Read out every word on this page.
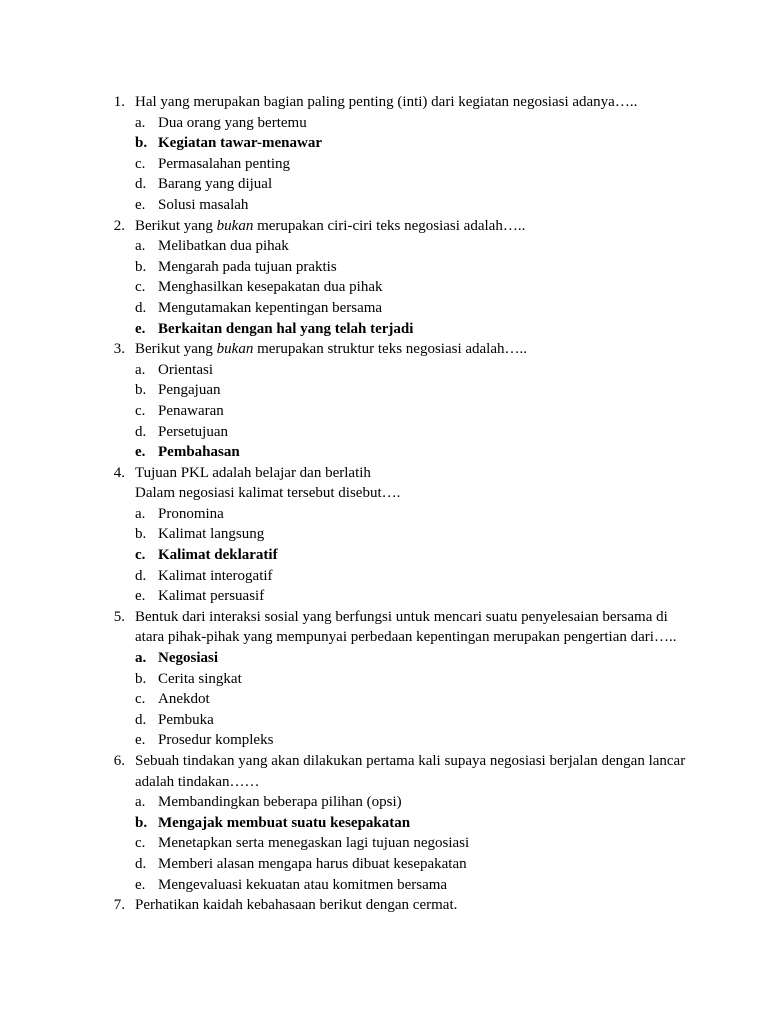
1. Hal yang merupakan bagian paling penting (inti) dari kegiatan negosiasi adanya…..
a. Dua orang yang bertemu
b. Kegiatan tawar-menawar
c. Permasalahan penting
d. Barang yang dijual
e. Solusi masalah
2. Berikut yang bukan merupakan ciri-ciri teks negosiasi adalah…..
a. Melibatkan dua pihak
b. Mengarah pada tujuan praktis
c. Menghasilkan kesepakatan dua pihak
d. Mengutamakan kepentingan bersama
e. Berkaitan dengan hal yang telah terjadi
3. Berikut yang bukan merupakan struktur teks negosiasi adalah…..
a. Orientasi
b. Pengajuan
c. Penawaran
d. Persetujuan
e. Pembahasan
4. Tujuan PKL adalah belajar dan berlatih
Dalam negosiasi kalimat tersebut disebut….
a. Pronomina
b. Kalimat langsung
c. Kalimat deklaratif
d. Kalimat interogatif
e. Kalimat persuasif
5. Bentuk dari interaksi sosial yang berfungsi untuk mencari suatu penyelesaian bersama di atara pihak-pihak yang mempunyai perbedaan kepentingan merupakan pengertian dari…..
a. Negosiasi
b. Cerita singkat
c. Anekdot
d. Pembuka
e. Prosedur kompleks
6. Sebuah tindakan yang akan dilakukan pertama kali supaya negosiasi berjalan dengan lancar adalah tindakan……
a. Membandingkan beberapa pilihan (opsi)
b. Mengajak membuat suatu kesepakatan
c. Menetapkan serta menegaskan lagi tujuan negosiasi
d. Memberi alasan mengapa harus dibuat kesepakatan
e. Mengevaluasi kekuatan atau komitmen bersama
7. Perhatikan kaidah kebahasaan berikut dengan cermat.
